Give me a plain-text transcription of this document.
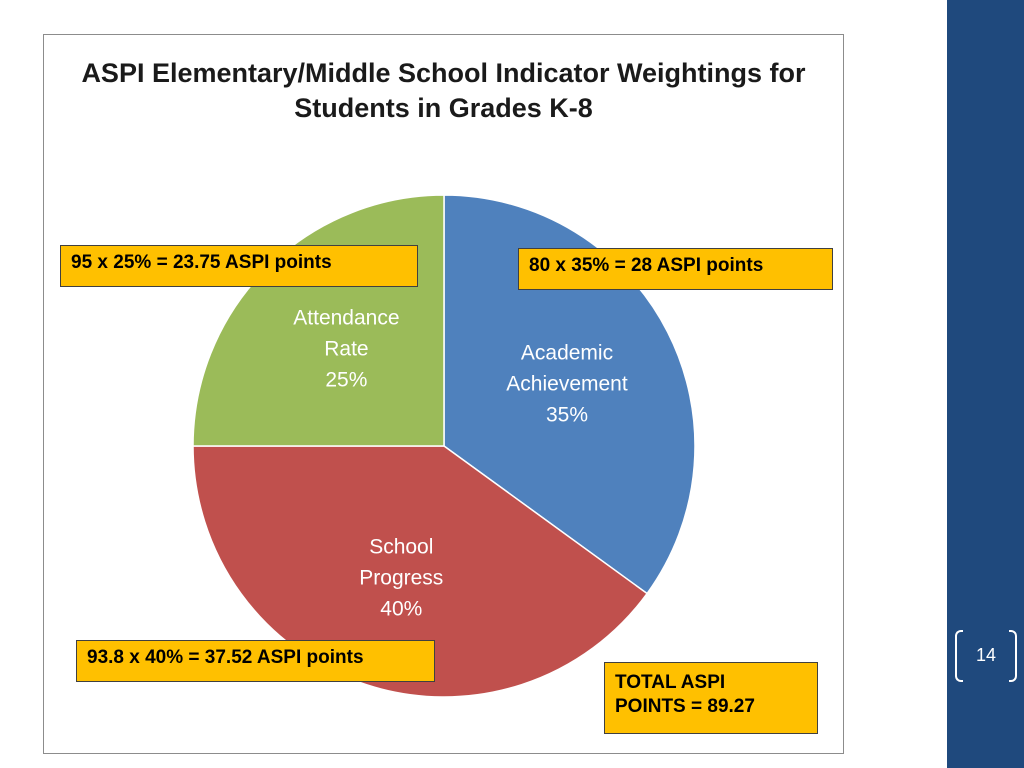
14
ASPI Elementary/Middle School Indicator Weightings for Students in Grades K-8
Academic Achievement 35%
School Progress 40%
Attendance Rate 25%
95 x 25% = 23.75 ASPI points	80 x 35% = 28 ASPI points
93.8 x 40% = 37.52 ASPI points
TOTAL ASPI
POINTS = 89.27
